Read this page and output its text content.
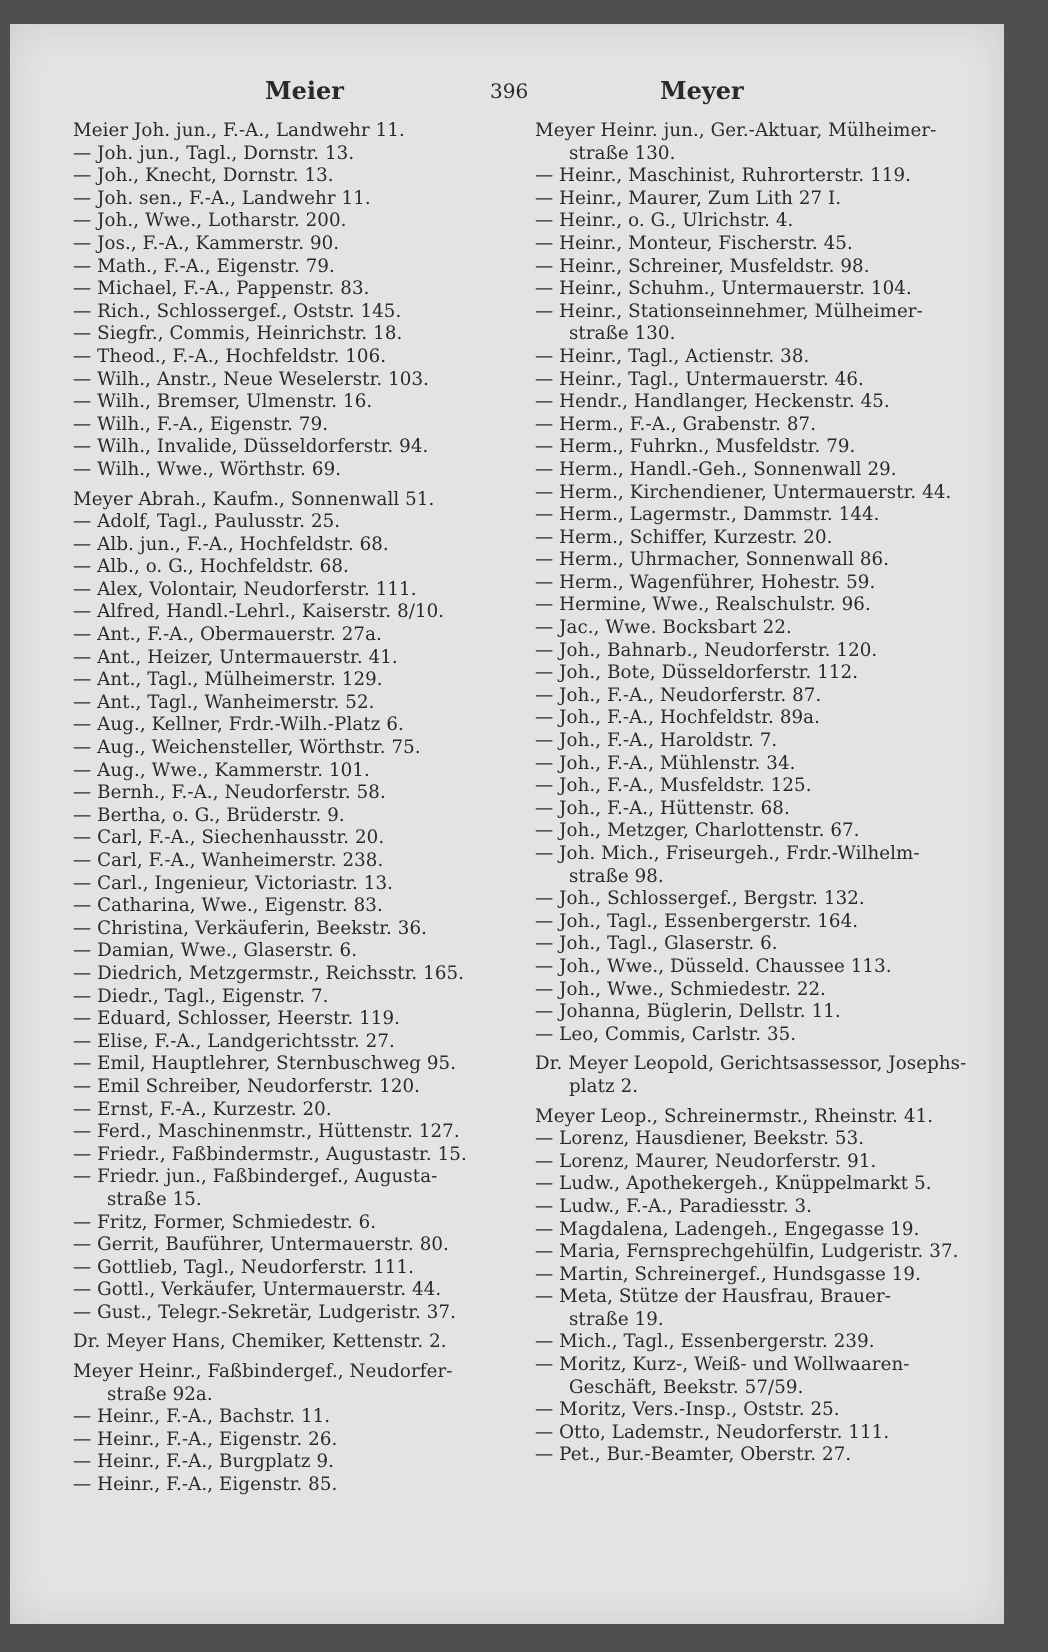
Meier	396	Meyer
Meier Joh. jun., F.-A., Landwehr 11.
— Joh. jun., Tagl., Dornstr. 13.
— Joh., Knecht, Dornstr. 13.
— Joh. sen., F.-A., Landwehr 11.
— Joh., Wwe., Lotharstr. 200.
— Jos., F.-A., Kammerstr. 90.
— Math., F.-A., Eigenstr. 79.
— Michael, F.-A., Pappenstr. 83.
— Rich., Schlossergef., Oststr. 145.
— Siegfr., Commis, Heinrichstr. 18.
— Theod., F.-A., Hochfeldstr. 106.
— Wilh., Anstr., Neue Weselerstr. 103.
— Wilh., Bremser, Ulmenstr. 16.
— Wilh., F.-A., Eigenstr. 79.
— Wilh., Invalide, Düsseldorferstr. 94.
— Wilh., Wwe., Wörthstr. 69.
Meyer Abrah., Kaufm., Sonnenwall 51.
— Adolf, Tagl., Paulusstr. 25.
— Alb. jun., F.-A., Hochfeldstr. 68.
— Alb., o. G., Hochfeldstr. 68.
— Alex, Volontair, Neudorferstr. 111.
— Alfred, Handl.-Lehrl., Kaiserstr. 8/10.
— Ant., F.-A., Obermauerstr. 27a.
— Ant., Heizer, Untermauerstr. 41.
— Ant., Tagl., Mülheimerstr. 129.
— Ant., Tagl., Wanheimerstr. 52.
— Aug., Kellner, Frdr.-Wilh.-Platz 6.
— Aug., Weichensteller, Wörthstr. 75.
— Aug., Wwe., Kammerstr. 101.
— Bernh., F.-A., Neudorferstr. 58.
— Bertha, o. G., Brüderstr. 9.
— Carl, F.-A., Siechenhausstr. 20.
— Carl, F.-A., Wanheimerstr. 238.
— Carl., Ingenieur, Victoriastr. 13.
— Catharina, Wwe., Eigenstr. 83.
— Christina, Verkäuferin, Beekstr. 36.
— Damian, Wwe., Glaserstr. 6.
— Diedrich, Metzgermstr., Reichsstr. 165.
— Diedr., Tagl., Eigenstr. 7.
— Eduard, Schlosser, Heerstr. 119.
— Elise, F.-A., Landgerichtsstr. 27.
— Emil, Hauptlehrer, Sternbuschweg 95.
— Emil Schreiber, Neudorferstr. 120.
— Ernst, F.-A., Kurzestr. 20.
— Ferd., Maschinenmstr., Hüttenstr. 127.
— Friedr., Faßbindermstr., Augustastr. 15.
— Friedr. jun., Faßbindergef., Augusta-
straße 15.
— Fritz, Former, Schmiedestr. 6.
— Gerrit, Bauführer, Untermauerstr. 80.
— Gottlieb, Tagl., Neudorferstr. 111.
— Gottl., Verkäufer, Untermauerstr. 44.
— Gust., Telegr.-Sekretär, Ludgeristr. 37.
Dr. Meyer Hans, Chemiker, Kettenstr. 2.
Meyer Heinr., Faßbindergef., Neudorfer-
straße 92a.
— Heinr., F.-A., Bachstr. 11.
— Heinr., F.-A., Eigenstr. 26.
— Heinr., F.-A., Burgplatz 9.
— Heinr., F.-A., Eigenstr. 85.
Meyer Heinr. jun., Ger.-Aktuar, Mülheimer-
straße 130.
— Heinr., Maschinist, Ruhrorterstr. 119.
— Heinr., Maurer, Zum Lith 27 I.
— Heinr., o. G., Ulrichstr. 4.
— Heinr., Monteur, Fischerstr. 45.
— Heinr., Schreiner, Musfeldstr. 98.
— Heinr., Schuhm., Untermauerstr. 104.
— Heinr., Stationseinnehmer, Mülheimer-
straße 130.
— Heinr., Tagl., Actienstr. 38.
— Heinr., Tagl., Untermauerstr. 46.
— Hendr., Handlanger, Heckenstr. 45.
— Herm., F.-A., Grabenstr. 87.
— Herm., Fuhrkn., Musfeldstr. 79.
— Herm., Handl.-Geh., Sonnenwall 29.
— Herm., Kirchendiener, Untermauerstr. 44.
— Herm., Lagermstr., Dammstr. 144.
— Herm., Schiffer, Kurzestr. 20.
— Herm., Uhrmacher, Sonnenwall 86.
— Herm., Wagenführer, Hohestr. 59.
— Hermine, Wwe., Realschulstr. 96.
— Jac., Wwe. Bocksbart 22.
— Joh., Bahnarb., Neudorferstr. 120.
— Joh., Bote, Düsseldorferstr. 112.
— Joh., F.-A., Neudorferstr. 87.
— Joh., F.-A., Hochfeldstr. 89a.
— Joh., F.-A., Haroldstr. 7.
— Joh., F.-A., Mühlenstr. 34.
— Joh., F.-A., Musfeldstr. 125.
— Joh., F.-A., Hüttenstr. 68.
— Joh., Metzger, Charlottenstr. 67.
— Joh. Mich., Friseurgeh., Frdr.-Wilhelm-
straße 98.
— Joh., Schlossergef., Bergstr. 132.
— Joh., Tagl., Essenbergerstr. 164.
— Joh., Tagl., Glaserstr. 6.
— Joh., Wwe., Düsseld. Chaussee 113.
— Joh., Wwe., Schmiedestr. 22.
— Johanna, Büglerin, Dellstr. 11.
— Leo, Commis, Carlstr. 35.
Dr. Meyer Leopold, Gerichtsassessor, Josephs-
platz 2.
Meyer Leop., Schreinermstr., Rheinstr. 41.
— Lorenz, Hausdiener, Beekstr. 53.
— Lorenz, Maurer, Neudorferstr. 91.
— Ludw., Apothekergeh., Knüppelmarkt 5.
— Ludw., F.-A., Paradiesstr. 3.
— Magdalena, Ladengeh., Engegasse 19.
— Maria, Fernsprechgehülfin, Ludgeristr. 37.
— Martin, Schreinergef., Hundsgasse 19.
— Meta, Stütze der Hausfrau, Brauer-
straße 19.
— Mich., Tagl., Essenbergerstr. 239.
— Moritz, Kurz-, Weiß- und Wollwaaren-
Geschäft, Beekstr. 57/59.
— Moritz, Vers.-Insp., Oststr. 25.
— Otto, Lademstr., Neudorferstr. 111.
— Pet., Bur.-Beamter, Oberstr. 27.
